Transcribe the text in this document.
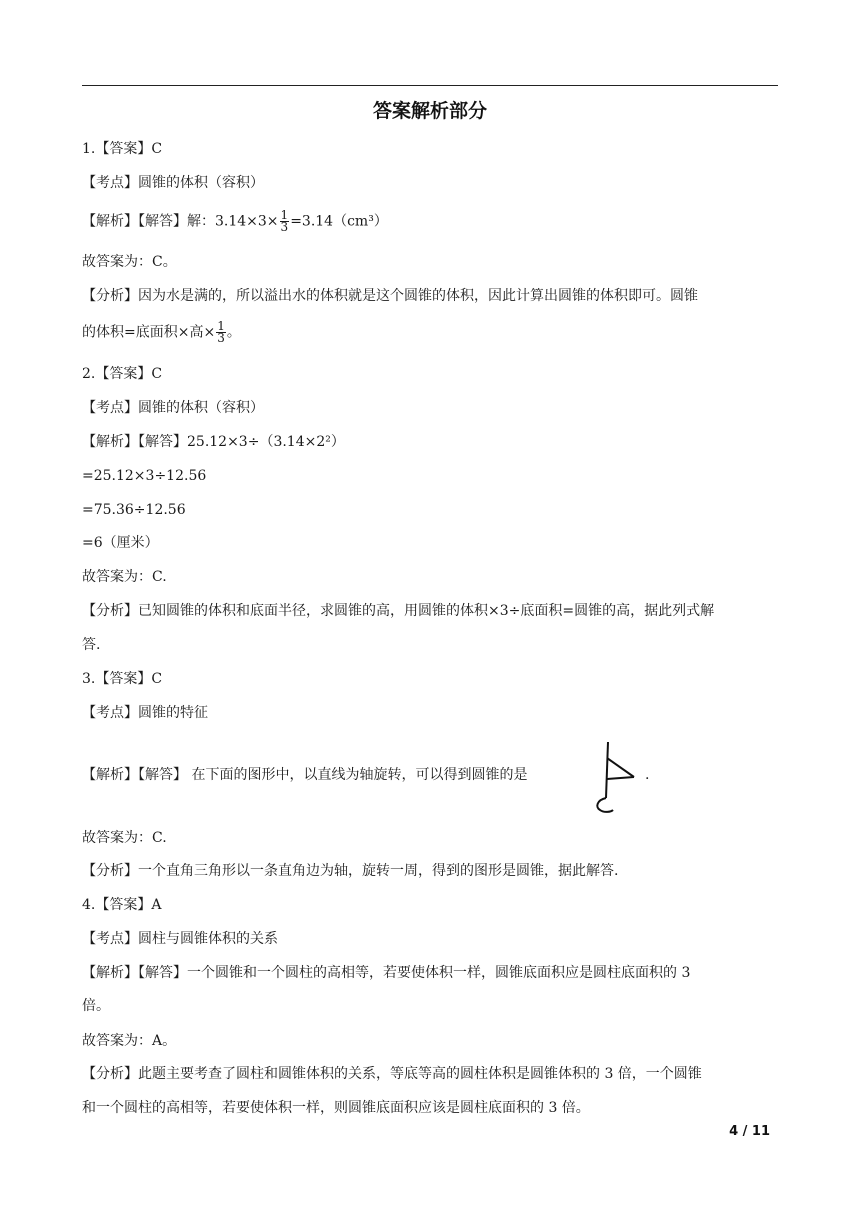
答案解析部分
1.【答案】C
【考点】圆锥的体积（容积）
【解析】【解答】解：$3.14\times 3\times \frac{1}{3} =3.14(cm^3)$
故答案为：C。
【分析】因为水是满的，所以溢出水的体积就是这个圆锥的体积，因此计算出圆锥的体积即可。圆锥
的体积=底面积×高× $\frac{1}{3}$ 。
2.【答案】C
【考点】圆锥的体积（容积）
【解析】【解答】25.12×3÷（3.14×2²）
=25.12×3÷12.56
=75.36÷12.56
=6（厘米）
故答案为：C.
【分析】已知圆锥的体积和底面半径，求圆锥的高，用圆锥的体积×3÷底面积=圆锥的高，据此列式解
答.
3.【答案】C
【考点】圆锥的特征
【解析】【解答】 在下面的图形中，以直线为轴旋转，可以得到圆锥的是	.
故答案为：C.
【分析】一个直角三角形以一条直角边为轴，旋转一周，得到的图形是圆锥，据此解答.
4.【答案】A
【考点】圆柱与圆锥体积的关系
【解析】【解答】一个圆锥和一个圆柱的高相等，若要使体积一样，圆锥底面积应是圆柱底面积的 3
倍。
故答案为：A。
【分析】此题主要考查了圆柱和圆锥体积的关系，等底等高的圆柱体积是圆锥体积的 3 倍，一个圆锥
和一个圆柱的高相等，若要使体积一样，则圆锥底面积应该是圆柱底面积的 3 倍。
4 / 11
